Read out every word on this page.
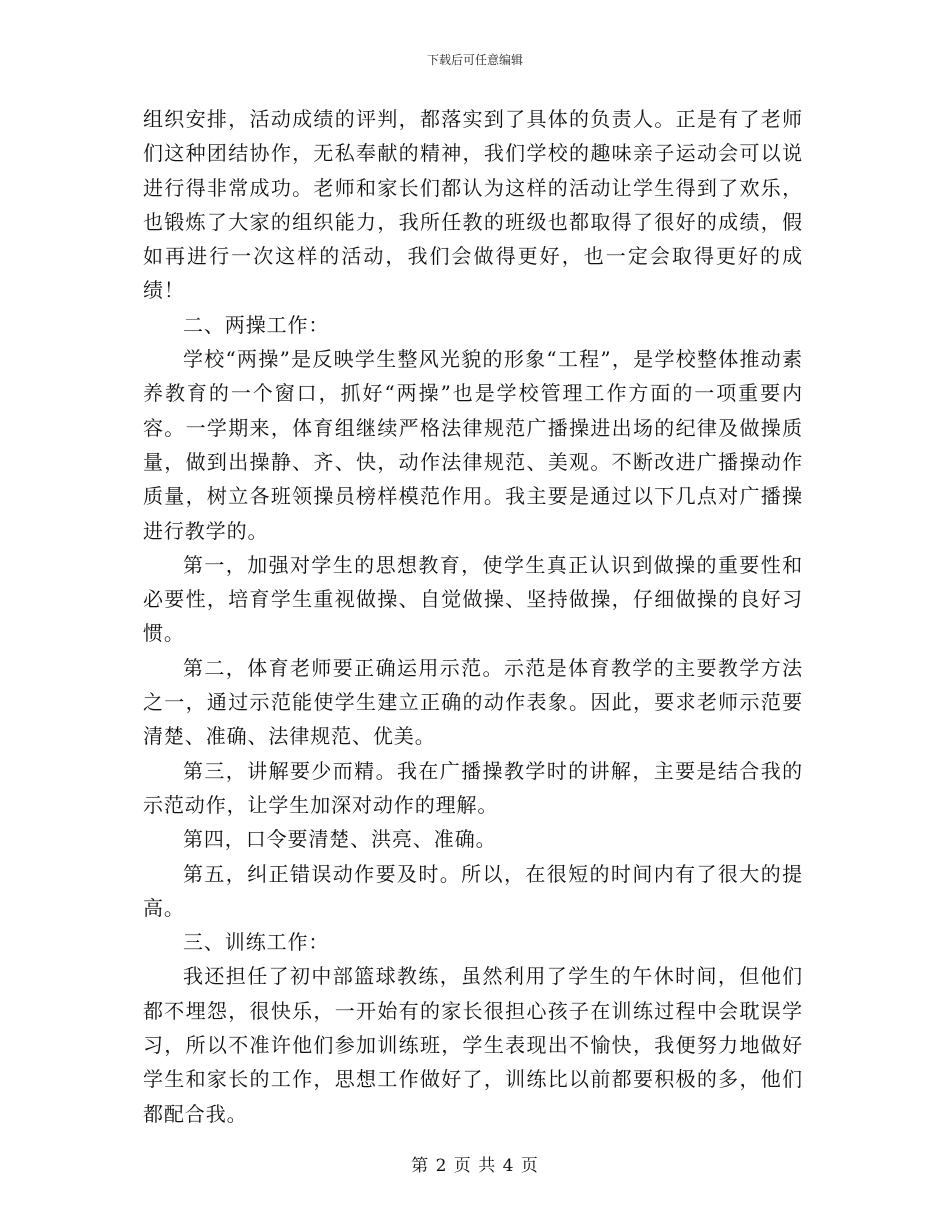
下载后可任意编辑

组织安排，活动成绩的评判，都落实到了具体的负责人。正是有了老师们这种团结协作，无私奉献的精神，我们学校的趣味亲子运动会可以说进行得非常成功。老师和家长们都认为这样的活动让学生得到了欢乐，也锻炼了大家的组织能力，我所任教的班级也都取得了很好的成绩，假如再进行一次这样的活动，我们会做得更好，也一定会取得更好的成绩！

二、两操工作：

学校“两操”是反映学生整风光貌的形象“工程”，是学校整体推动素养教育的一个窗口，抓好“两操”也是学校管理工作方面的一项重要内容。一学期来，体育组继续严格法律规范广播操进出场的纪律及做操质量，做到出操静、齐、快，动作法律规范、美观。不断改进广播操动作质量，树立各班领操员榜样模范作用。我主要是通过以下几点对广播操进行教学的。

第一，加强对学生的思想教育，使学生真正认识到做操的重要性和必要性，培育学生重视做操、自觉做操、坚持做操，仔细做操的良好习惯。

第二，体育老师要正确运用示范。示范是体育教学的主要教学方法之一，通过示范能使学生建立正确的动作表象。因此，要求老师示范要清楚、准确、法律规范、优美。

第三，讲解要少而精。我在广播操教学时的讲解，主要是结合我的示范动作，让学生加深对动作的理解。

第四，口令要清楚、洪亮、准确。

第五，纠正错误动作要及时。所以，在很短的时间内有了很大的提高。

三、训练工作：

我还担任了初中部篮球教练，虽然利用了学生的午休时间，但他们都不埋怨，很快乐，一开始有的家长很担心孩子在训练过程中会耽误学习，所以不准许他们参加训练班，学生表现出不愉快，我便努力地做好学生和家长的工作，思想工作做好了，训练比以前都要积极的多，他们都配合我。

第 2 页 共 4 页
